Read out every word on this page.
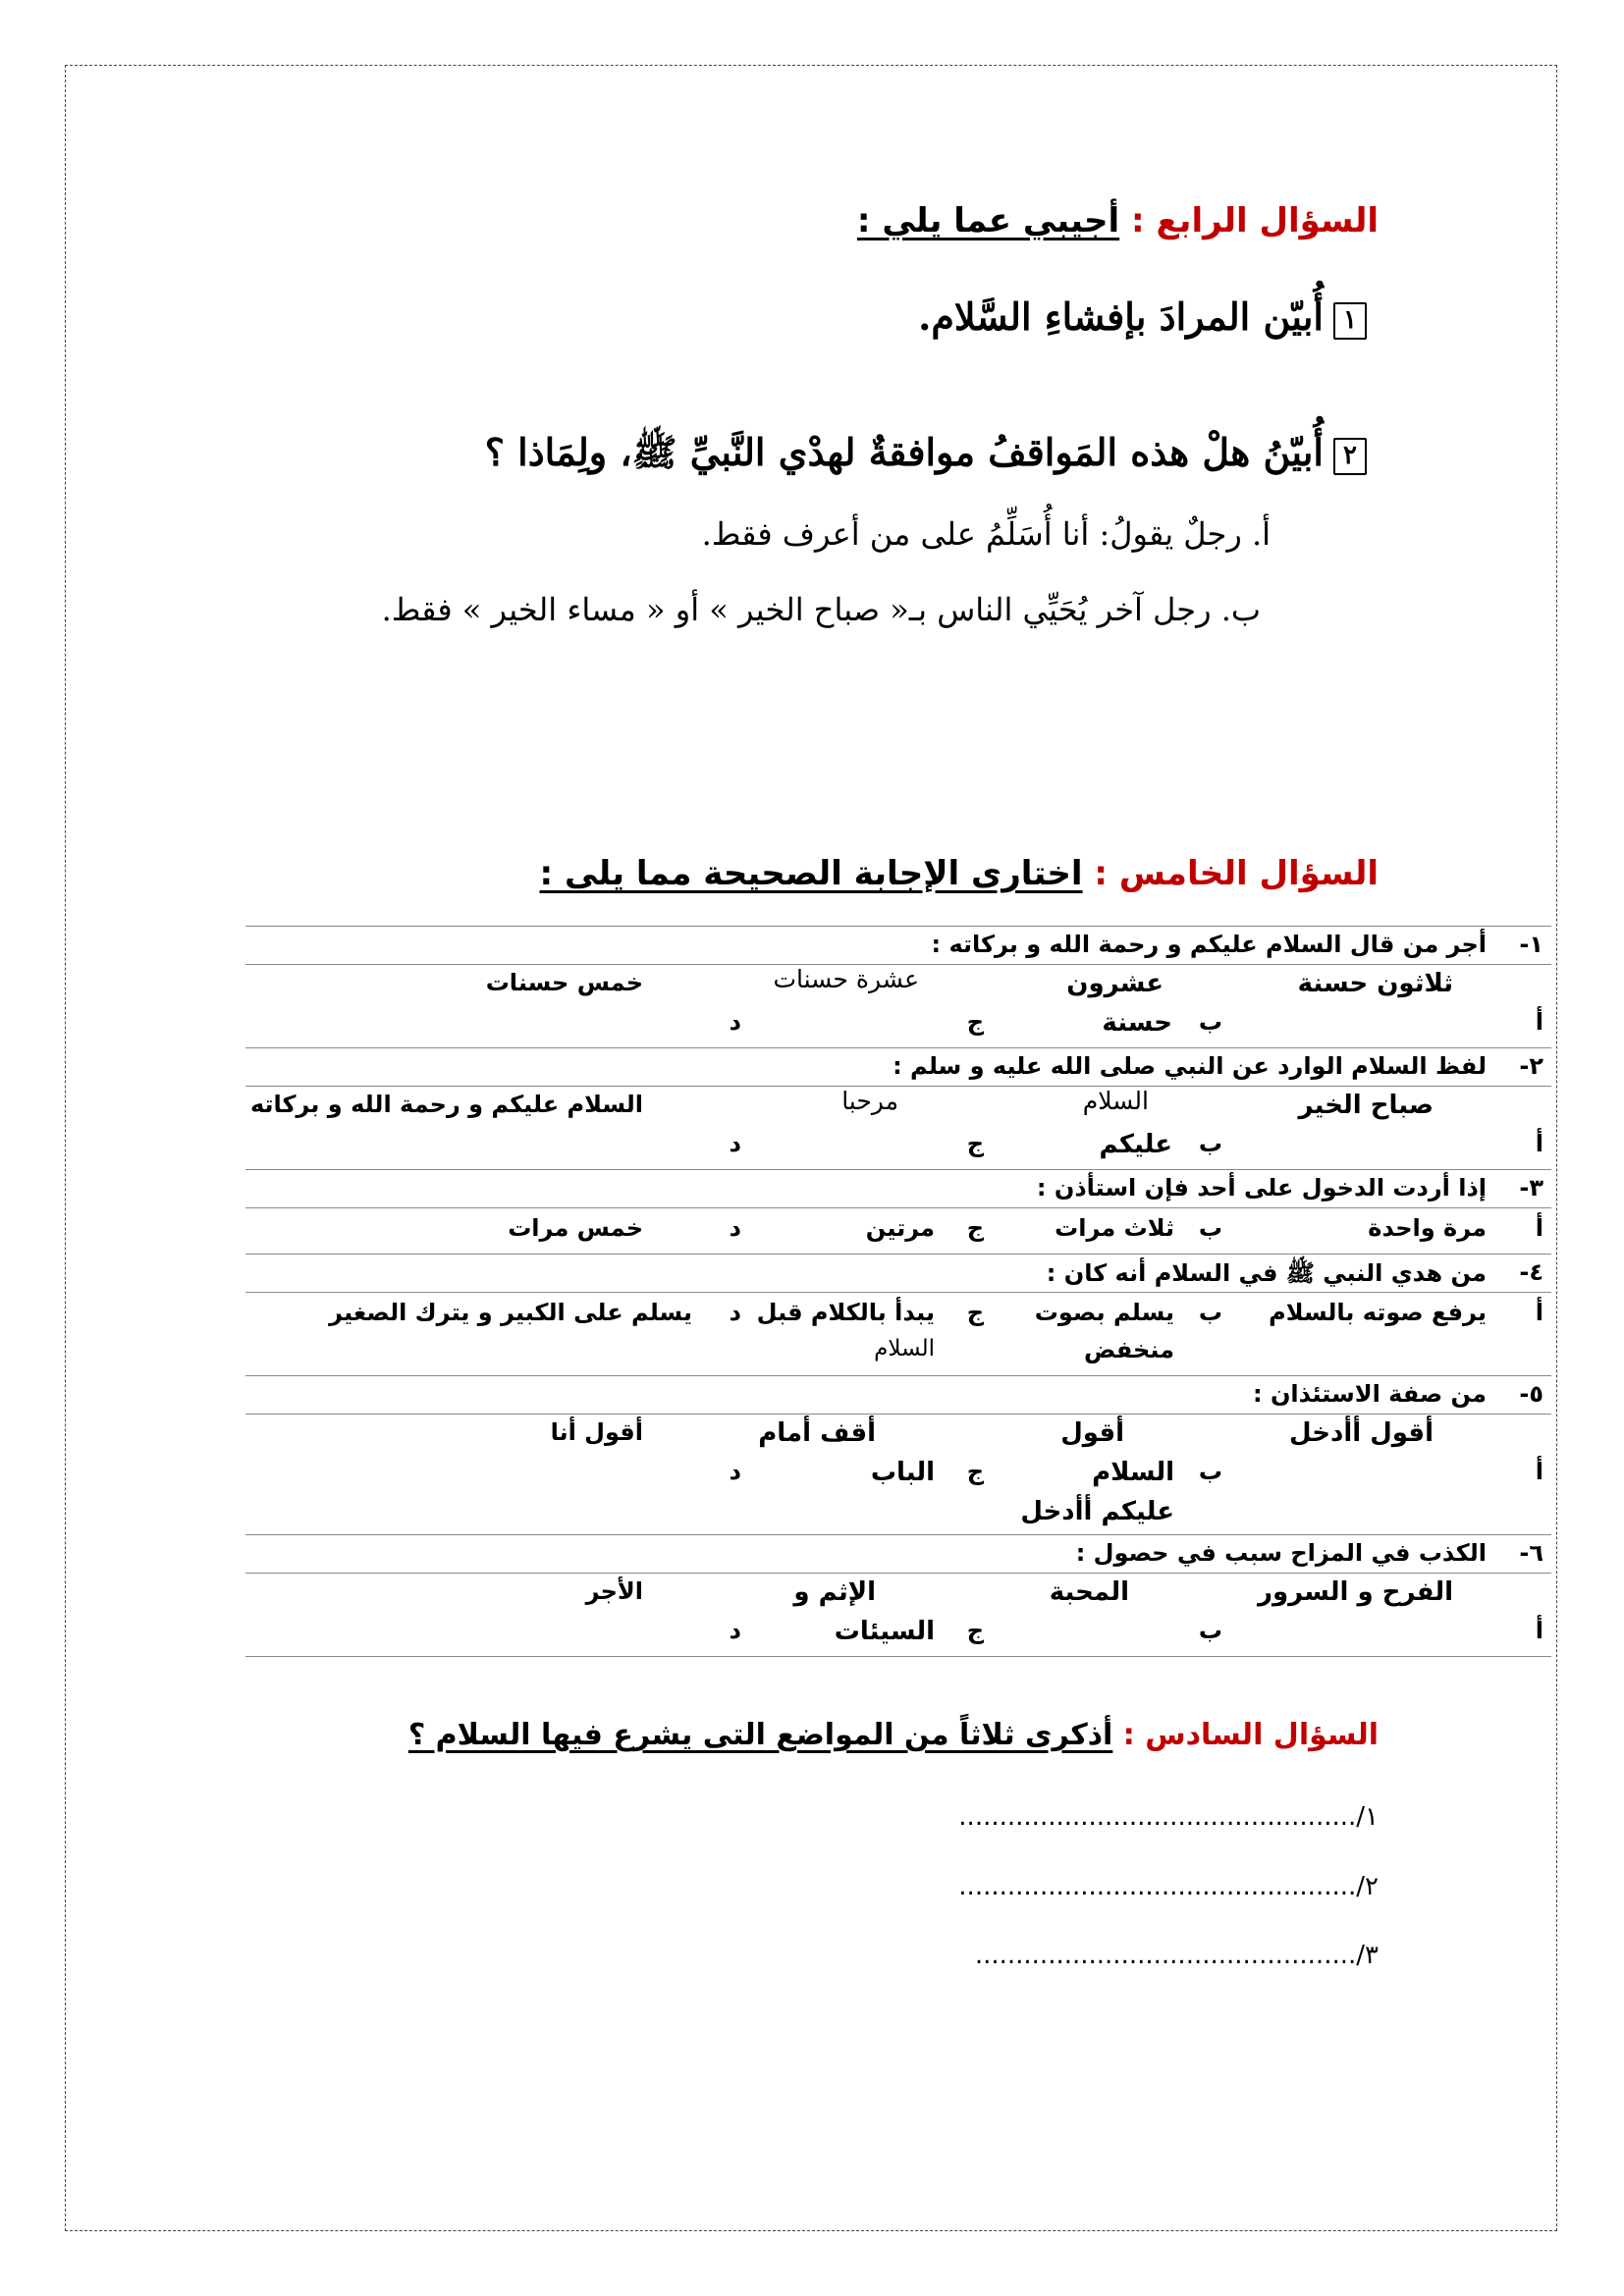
السؤال الرابع : أجيبي عما يلي :
١أُبيّن المرادَ بإفشاءِ السَّلام.
٢أُبيّنُ هلْ هذه المَواقفُ موافقةٌ لهدْي النَّبيِّ ﷺ، ولِمَاذا ؟
أ. رجلٌ يقولُ: أنا أُسَلِّمُ على من أعرف فقط.
ب. رجل آخر يُحَيِّي الناس بـ« صباح الخير » أو « مساء الخير » فقط.
السؤال الخامس : اختارى الإجابة الصحيحة مما يلى :
١-
أجر من قال السلام عليكم و رحمة الله و بركاته :
أ
ثلاثون حسنة
ب
عشرون
حسنة
ج
عشرة حسنات
د
خمس حسنات
٢-
لفظ السلام الوارد عن النبي صلى الله عليه و سلم :
أ
صباح الخير
ب
السلام
عليكم
ج
مرحبا
د
السلام عليكم و رحمة الله و بركاته
٣-
إذا أردت الدخول على أحد فإن استأذن :
أ
مرة واحدة
ب
ثلاث مرات
ج
مرتين
د
خمس مرات
٤-
من هدي النبي ﷺ في السلام أنه كان :
أ
يرفع صوته بالسلام
ب
يسلم بصوت
منخفض
ج
يبدأ بالكلام قبل
السلام
د
يسلم على الكبير و يترك الصغير
٥-
من صفة الاستئذان :
أ
أقول أأدخل
ب
أقول
السلام
عليكم أأدخل
ج
أقف أمام
الباب
د
أقول أنا
٦-
الكذب في المزاح سبب في حصول :
أ
الفرح و السرور
ب
المحبة
ج
الإثم و
السيئات
د
الأجر
السؤال السادس : أذكرى ثلاثاً من المواضع التى يشرع فيها السلام ؟
١/.................................................
٢/.................................................
٣/...............................................
